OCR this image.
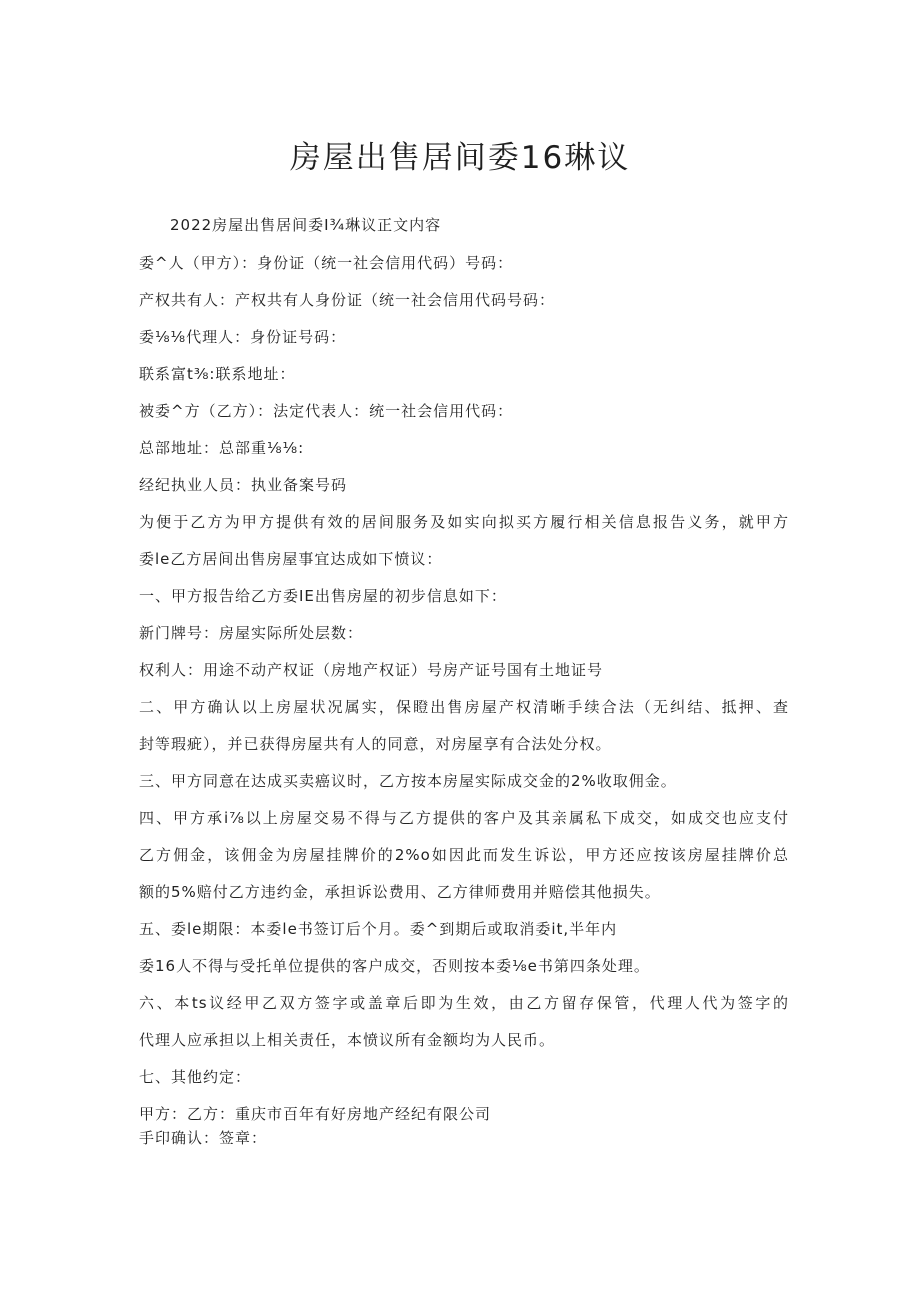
房屋出售居间委16琳议
2022房屋出售居间委I¾琳议正文内容
委^人（甲方）：身份证（统一社会信用代码）号码：
产权共有人：产权共有人身份证（统一社会信用代码号码：
委⅛⅛代理人：身份证号码：
联系富t⅜:联系地址：
被委^方（乙方）：法定代表人：统一社会信用代码：
总部地址：总部重⅛⅛:
经纪执业人员：执业备案号码
为便于乙方为甲方提供有效的居间服务及如实向拟买方履行相关信息报告义务，就甲方
委le乙方居间出售房屋事宜达成如下愤议：
一、甲方报告给乙方委IE出售房屋的初步信息如下：
新门牌号：房屋实际所处层数：
权利人：用途不动产权证（房地产权证）号房产证号国有土地证号
二、甲方确认以上房屋状况属实，保瞪出售房屋产权清晰手续合法（无纠结、抵押、查
封等瑕疵），并已获得房屋共有人的同意，对房屋享有合法处分权。
三、甲方同意在达成买卖癌议时，乙方按本房屋实际成交金的2%收取佣金。
四、甲方承i⅞以上房屋交易不得与乙方提供的客户及其亲属私下成交，如成交也应支付
乙方佣金，该佣金为房屋挂牌价的2%o如因此而发生诉讼，甲方还应按该房屋挂牌价总
额的5%赔付乙方违约金，承担诉讼费用、乙方律师费用并赔偿其他损失。
五、委le期限：本委le书签订后个月。委^到期后或取消委it,半年内
委16人不得与受托单位提供的客户成交，否则按本委⅛e书第四条处理。
六、本ts议经甲乙双方签字或盖章后即为生效，由乙方留存保管，代理人代为签字的
代理人应承担以上相关责任，本愤议所有金额均为人民币。
七、其他约定：
甲方：乙方：重庆市百年有好房地产经纪有限公司
手印确认：签章：
